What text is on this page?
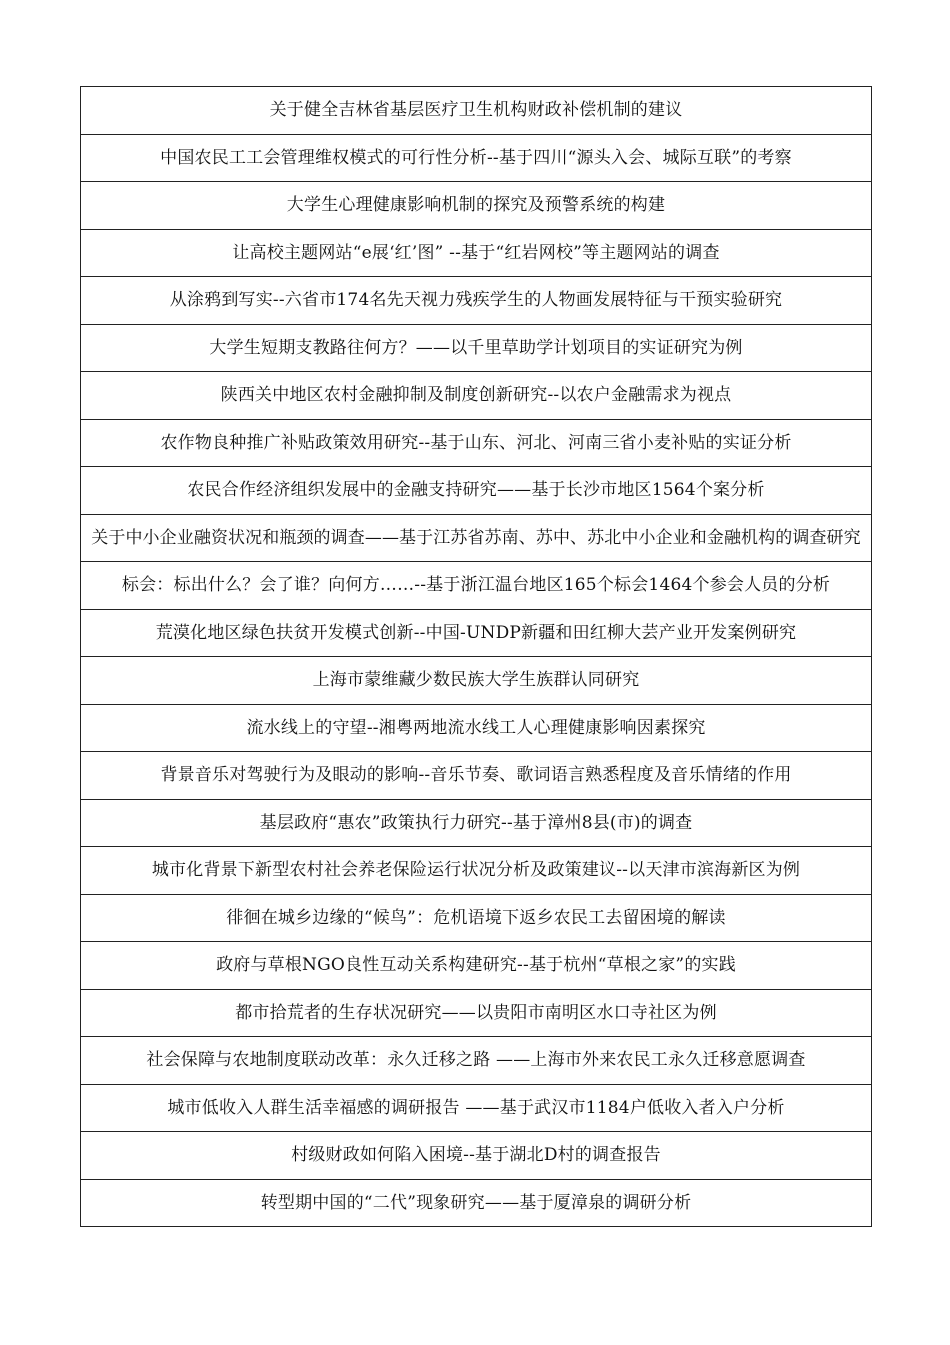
关于健全吉林省基层医疗卫生机构财政补偿机制的建议
中国农民工工会管理维权模式的可行性分析--基于四川“源头入会、城际互联”的考察
大学生心理健康影响机制的探究及预警系统的构建
让高校主题网站“e展‘红’图” --基于“红岩网校”等主题网站的调查
从涂鸦到写实--六省市174名先天视力残疾学生的人物画发展特征与干预实验研究
大学生短期支教路往何方？——以千里草助学计划项目的实证研究为例
陕西关中地区农村金融抑制及制度创新研究--以农户金融需求为视点
农作物良种推广补贴政策效用研究--基于山东、河北、河南三省小麦补贴的实证分析
农民合作经济组织发展中的金融支持研究——基于长沙市地区1564个案分析
关于中小企业融资状况和瓶颈的调查——基于江苏省苏南、苏中、苏北中小企业和金融机构的调查研究
标会：标出什么？会了谁？向何方……--基于浙江温台地区165个标会1464个参会人员的分析
荒漠化地区绿色扶贫开发模式创新--中国-UNDP新疆和田红柳大芸产业开发案例研究
上海市蒙维藏少数民族大学生族群认同研究
流水线上的守望--湘粤两地流水线工人心理健康影响因素探究
背景音乐对驾驶行为及眼动的影响--音乐节奏、歌词语言熟悉程度及音乐情绪的作用
基层政府“惠农”政策执行力研究--基于漳州8县(市)的调查
城市化背景下新型农村社会养老保险运行状况分析及政策建议--以天津市滨海新区为例
徘徊在城乡边缘的“候鸟”：危机语境下返乡农民工去留困境的解读
政府与草根NGO良性互动关系构建研究--基于杭州“草根之家”的实践
都市拾荒者的生存状况研究——以贵阳市南明区水口寺社区为例
社会保障与农地制度联动改革：永久迁移之路 ——上海市外来农民工永久迁移意愿调查
城市低收入人群生活幸福感的调研报告 ——基于武汉市1184户低收入者入户分析
村级财政如何陷入困境--基于湖北D村的调查报告
转型期中国的“二代”现象研究——基于厦漳泉的调研分析
